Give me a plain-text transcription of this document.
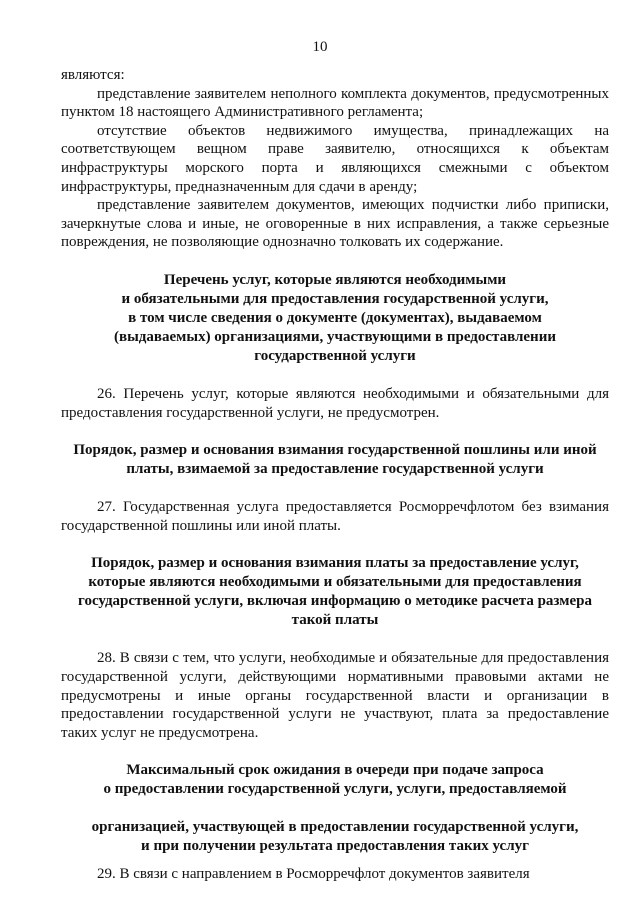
10

являются:

представление заявителем неполного комплекта документов, предусмотренных пунктом 18 настоящего Административного регламента;

отсутствие объектов недвижимого имущества, принадлежащих на соответствующем вещном праве заявителю, относящихся к объектам инфраструктуры морского порта и являющихся смежными с объектом инфраструктуры, предназначенным для сдачи в аренду;

представление заявителем документов, имеющих подчистки либо приписки, зачеркнутые слова и иные, не оговоренные в них исправления, а также серьезные повреждения, не позволяющие однозначно толковать их содержание.

Перечень услуг, которые являются необходимыми

и обязательными для предоставления государственной услуги,

в том числе сведения о документе (документах), выдаваемом

(выдаваемых) организациями, участвующими в предоставлении

государственной услуги

26. Перечень услуг, которые являются необходимыми и обязательными для предоставления государственной услуги, не предусмотрен.

Порядок, размер и основания взимания государственной пошлины или иной

платы, взимаемой за предоставление государственной услуги

27. Государственная услуга предоставляется Росморречфлотом без взимания государственной пошлины или иной платы.

Порядок, размер и основания взимания платы за предоставление услуг,

которые являются необходимыми и обязательными для предоставления

государственной услуги, включая информацию о методике расчета размера

такой платы

28. В связи с тем, что услуги, необходимые и обязательные для предоставления государственной услуги, действующими нормативными правовыми актами не предусмотрены и иные органы государственной власти и организации в предоставлении государственной услуги не участвуют, плата за предоставление таких услуг не предусмотрена.

Максимальный срок ожидания в очереди при подаче запроса

о предоставлении государственной услуги, услуги, предоставляемой

организацией, участвующей в предоставлении государственной услуги,

и при получении результата предоставления таких услуг

29. В связи с направлением в Росморречфлот документов заявителя
